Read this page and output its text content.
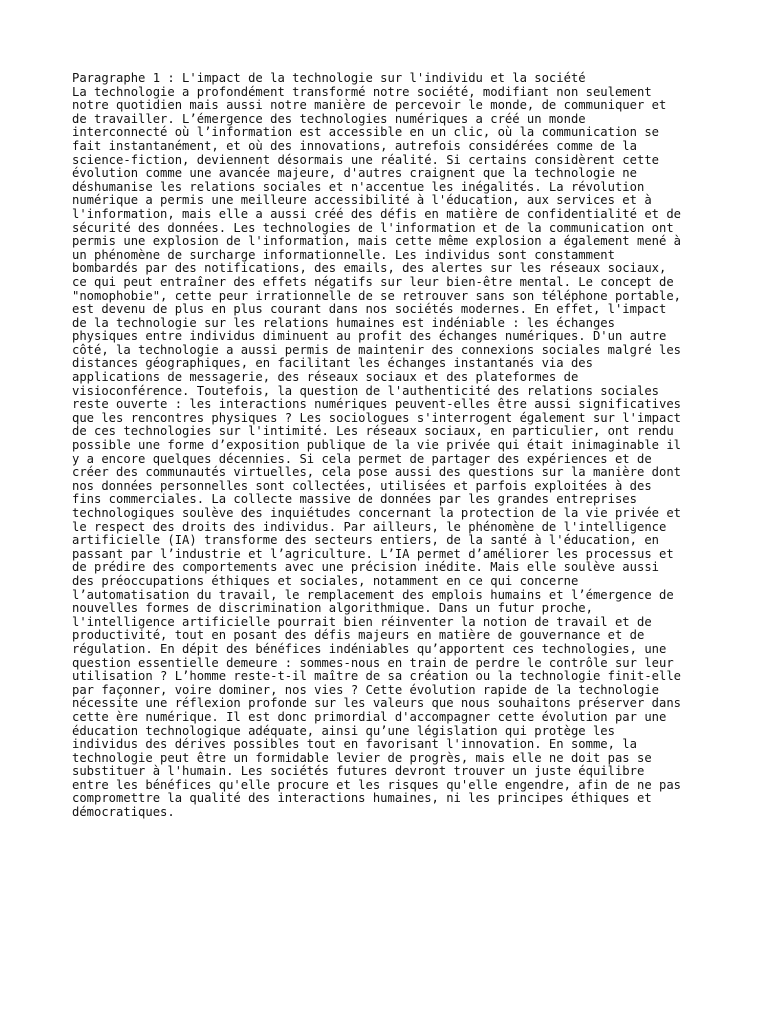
Paragraphe 1 : L'impact de la technologie sur l'individu et la société
La technologie a profondément transformé notre société, modifiant non seulement
notre quotidien mais aussi notre manière de percevoir le monde, de communiquer et
de travailler. L’émergence des technologies numériques a créé un monde
interconnecté où l’information est accessible en un clic, où la communication se
fait instantanément, et où des innovations, autrefois considérées comme de la
science-fiction, deviennent désormais une réalité. Si certains considèrent cette
évolution comme une avancée majeure, d'autres craignent que la technologie ne
déshumanise les relations sociales et n'accentue les inégalités. La révolution
numérique a permis une meilleure accessibilité à l'éducation, aux services et à
l'information, mais elle a aussi créé des défis en matière de confidentialité et de
sécurité des données. Les technologies de l'information et de la communication ont
permis une explosion de l'information, mais cette même explosion a également mené à
un phénomène de surcharge informationnelle. Les individus sont constamment
bombardés par des notifications, des emails, des alertes sur les réseaux sociaux,
ce qui peut entraîner des effets négatifs sur leur bien-être mental. Le concept de
"nomophobie", cette peur irrationnelle de se retrouver sans son téléphone portable,
est devenu de plus en plus courant dans nos sociétés modernes. En effet, l'impact
de la technologie sur les relations humaines est indéniable : les échanges
physiques entre individus diminuent au profit des échanges numériques. D'un autre
côté, la technologie a aussi permis de maintenir des connexions sociales malgré les
distances géographiques, en facilitant les échanges instantanés via des
applications de messagerie, des réseaux sociaux et des plateformes de
visioconférence. Toutefois, la question de l'authenticité des relations sociales
reste ouverte : les interactions numériques peuvent-elles être aussi significatives
que les rencontres physiques ? Les sociologues s'interrogent également sur l'impact
de ces technologies sur l'intimité. Les réseaux sociaux, en particulier, ont rendu
possible une forme d’exposition publique de la vie privée qui était inimaginable il
y a encore quelques décennies. Si cela permet de partager des expériences et de
créer des communautés virtuelles, cela pose aussi des questions sur la manière dont
nos données personnelles sont collectées, utilisées et parfois exploitées à des
fins commerciales. La collecte massive de données par les grandes entreprises
technologiques soulève des inquiétudes concernant la protection de la vie privée et
le respect des droits des individus. Par ailleurs, le phénomène de l'intelligence
artificielle (IA) transforme des secteurs entiers, de la santé à l'éducation, en
passant par l’industrie et l’agriculture. L’IA permet d’améliorer les processus et
de prédire des comportements avec une précision inédite. Mais elle soulève aussi
des préoccupations éthiques et sociales, notamment en ce qui concerne
l’automatisation du travail, le remplacement des emplois humains et l’émergence de
nouvelles formes de discrimination algorithmique. Dans un futur proche,
l'intelligence artificielle pourrait bien réinventer la notion de travail et de
productivité, tout en posant des défis majeurs en matière de gouvernance et de
régulation. En dépit des bénéfices indéniables qu’apportent ces technologies, une
question essentielle demeure : sommes-nous en train de perdre le contrôle sur leur
utilisation ? L’homme reste-t-il maître de sa création ou la technologie finit-elle
par façonner, voire dominer, nos vies ? Cette évolution rapide de la technologie
nécessite une réflexion profonde sur les valeurs que nous souhaitons préserver dans
cette ère numérique. Il est donc primordial d'accompagner cette évolution par une
éducation technologique adéquate, ainsi qu’une législation qui protège les
individus des dérives possibles tout en favorisant l'innovation. En somme, la
technologie peut être un formidable levier de progrès, mais elle ne doit pas se
substituer à l'humain. Les sociétés futures devront trouver un juste équilibre
entre les bénéfices qu'elle procure et les risques qu'elle engendre, afin de ne pas
compromettre la qualité des interactions humaines, ni les principes éthiques et
démocratiques.
